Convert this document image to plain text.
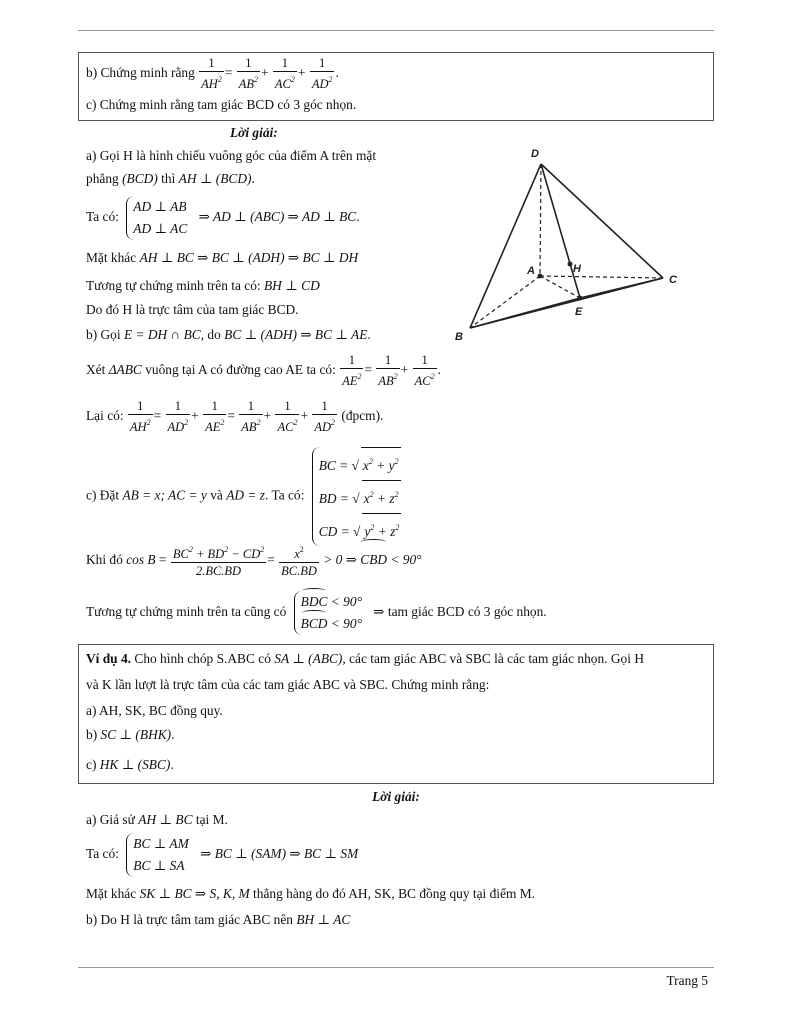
b) Chứng minh rằng $\frac{1}{AH^2} = \frac{1}{AB^2} + \frac{1}{AC^2} + \frac{1}{AD^2}$ .
c) Chứng minh rằng tam giác BCD có 3 góc nhọn.
Lời giải:
a) Gọi H là hình chiếu vuông góc của điểm A trên mặt
phẳng (BCD) thì AH ⊥ (BCD).
Ta có:
AD ⊥ AB
AD ⊥ AC
⇒ AD ⊥ (ABC) ⇒ AD ⊥ BC.
Mặt khác AH ⊥ BC ⇒ BC ⊥ (ADH) ⇒ BC ⊥ DH
Tương tự chứng minh trên ta có: BH ⊥ CD
Do đó H là trực tâm của tam giác BCD.
b) Gọi E = DH ∩ BC, do BC ⊥ (ADH) ⇒ BC ⊥ AE.
Xét ΔABC vuông tại A có đường cao AE ta có: $\frac{1}{AE^2} = \frac{1}{AB^2} + \frac{1}{AC^2}$ .
Lại có: $\frac{1}{AH^2} = \frac{1}{AD^2} + \frac{1}{AE^2} = \frac{1}{AB^2} + \frac{1}{AC^2} + \frac{1}{AD^2}$ (đpcm).
c) Đặt AB = x; AC = y và AD = z. Ta có:
BC = √ $x^2 + y^2$
BD = √ $x^2 + z^2$
CD = √ $y^2 + z^2$
Khi đó $\cos B = \frac{BC^2 + BD^2 - CD^2}{2.BC.BD} = \frac{x^2}{BC.BD} > 0$ ⇒ CBD < 90°
Tương tự chứng minh trên ta cũng có
BDC < 90°
BCD < 90°
⇒ tam giác BCD có 3 góc nhọn.
D
A	H
C
E
B
Ví dụ 4. Cho hình chóp S.ABC có SA ⊥ (ABC), các tam giác ABC và SBC là các tam giác nhọn. Gọi H
và K lần lượt là trực tâm của các tam giác ABC và SBC. Chứng minh rằng:
a) AH, SK, BC đồng quy.
b) SC ⊥ (BHK).
c) HK ⊥ (SBC).
Lời giải:
a) Giả sử AH ⊥ BC tại M.
Ta có:
BC ⊥ AM
BC ⊥ SA
⇒ BC ⊥ (SAM) ⇒ BC ⊥ SM
Mặt khác SK ⊥ BC ⇒ S, K, M thẳng hàng do đó AH, SK, BC đồng quy tại điểm M.
b) Do H là trực tâm tam giác ABC nên BH ⊥ AC
Trang 5
